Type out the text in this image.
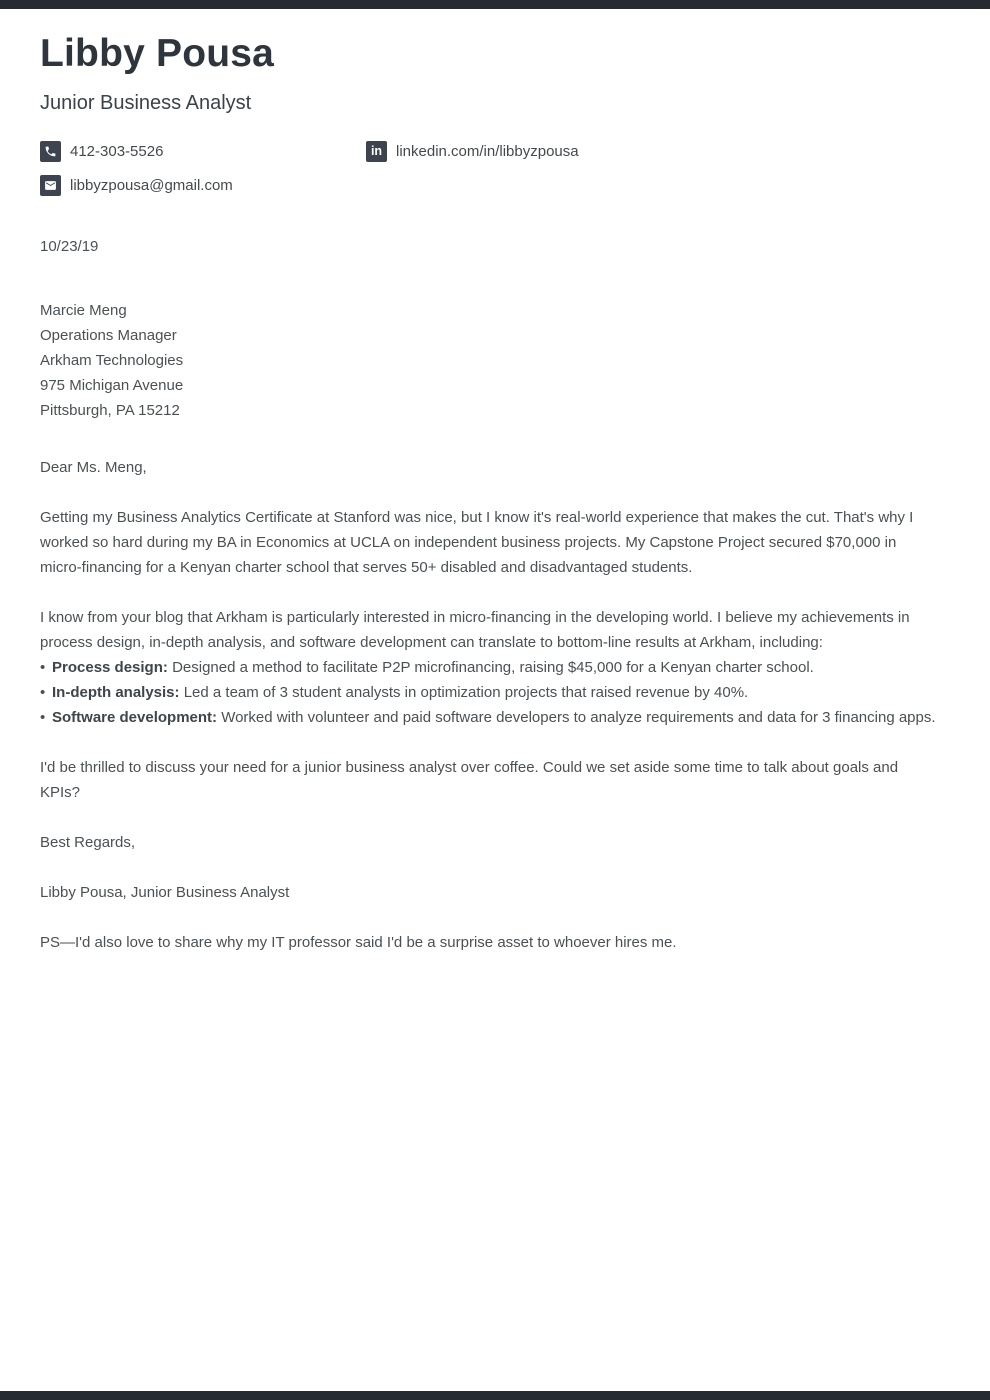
Libby Pousa
Junior Business Analyst
412-303-5526	in linkedin.com/in/libbyzpousa
libbyzpousa@gmail.com

10/23/19

Marcie Meng
Operations Manager
Arkham Technologies
975 Michigan Avenue
Pittsburgh, PA 15212

Dear Ms. Meng,

Getting my Business Analytics Certificate at Stanford was nice, but I know it's real-world experience that makes the cut. That's why I worked so hard during my BA in Economics at UCLA on independent business projects. My Capstone Project secured $70,000 in micro-financing for a Kenyan charter school that serves 50+ disabled and disadvantaged students.

I know from your blog that Arkham is particularly interested in micro-financing in the developing world. I believe my achievements in process design, in-depth analysis, and software development can translate to bottom-line results at Arkham, including:

• Process design: Designed a method to facilitate P2P microfinancing, raising $45,000 for a Kenyan charter school.
• In-depth analysis: Led a team of 3 student analysts in optimization projects that raised revenue by 40%.
• Software development: Worked with volunteer and paid software developers to analyze requirements and data for 3 financing apps.

I'd be thrilled to discuss your need for a junior business analyst over coffee. Could we set aside some time to talk about goals and KPIs?

Best Regards,

Libby Pousa, Junior Business Analyst

PS—I'd also love to share why my IT professor said I'd be a surprise asset to whoever hires me.
